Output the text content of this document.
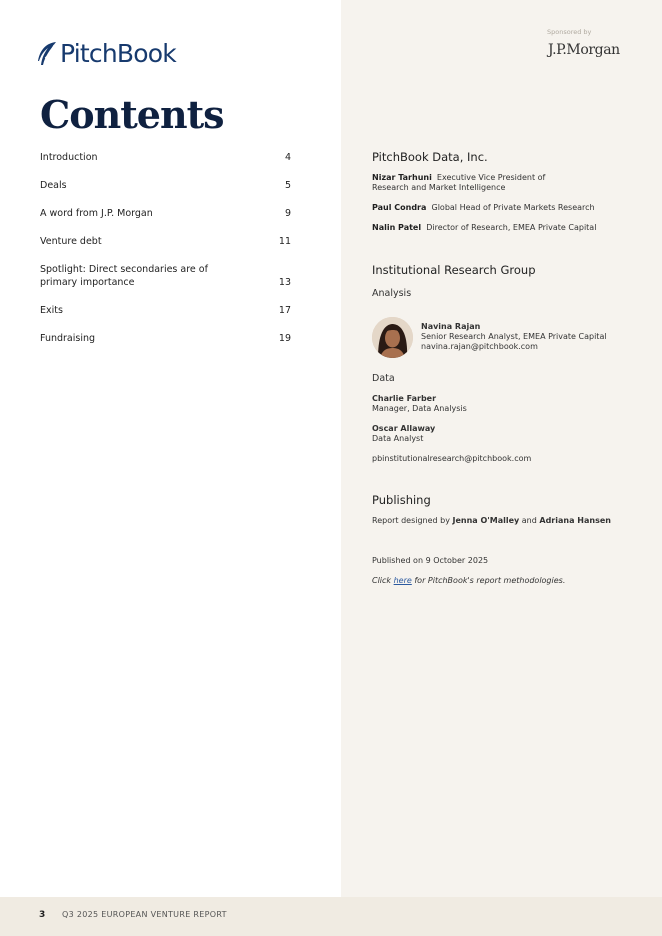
PitchBook
Sponsored by
J.P.Morgan
Contents
Introduction	4
Deals	5
A word from J.P. Morgan	9
Venture debt	11
Spotlight: Direct secondaries are of primary importance	13
Exits	17
Fundraising	19
PitchBook Data, Inc.
Nizar Tarhuni Executive Vice President of Research and Market Intelligence
Paul Condra Global Head of Private Markets Research
Nalin Patel Director of Research, EMEA Private Capital
Institutional Research Group
Analysis
Navina Rajan
Senior Research Analyst, EMEA Private Capital
navina.rajan@pitchbook.com
Data
Charlie Farber
Manager, Data Analysis
Oscar Allaway
Data Analyst
pbinstitutionalresearch@pitchbook.com
Publishing
Report designed by Jenna O'Malley and Adriana Hansen
Published on 9 October 2025
Click here for PitchBook's report methodologies.
3 Q3 2025 EUROPEAN VENTURE REPORT
